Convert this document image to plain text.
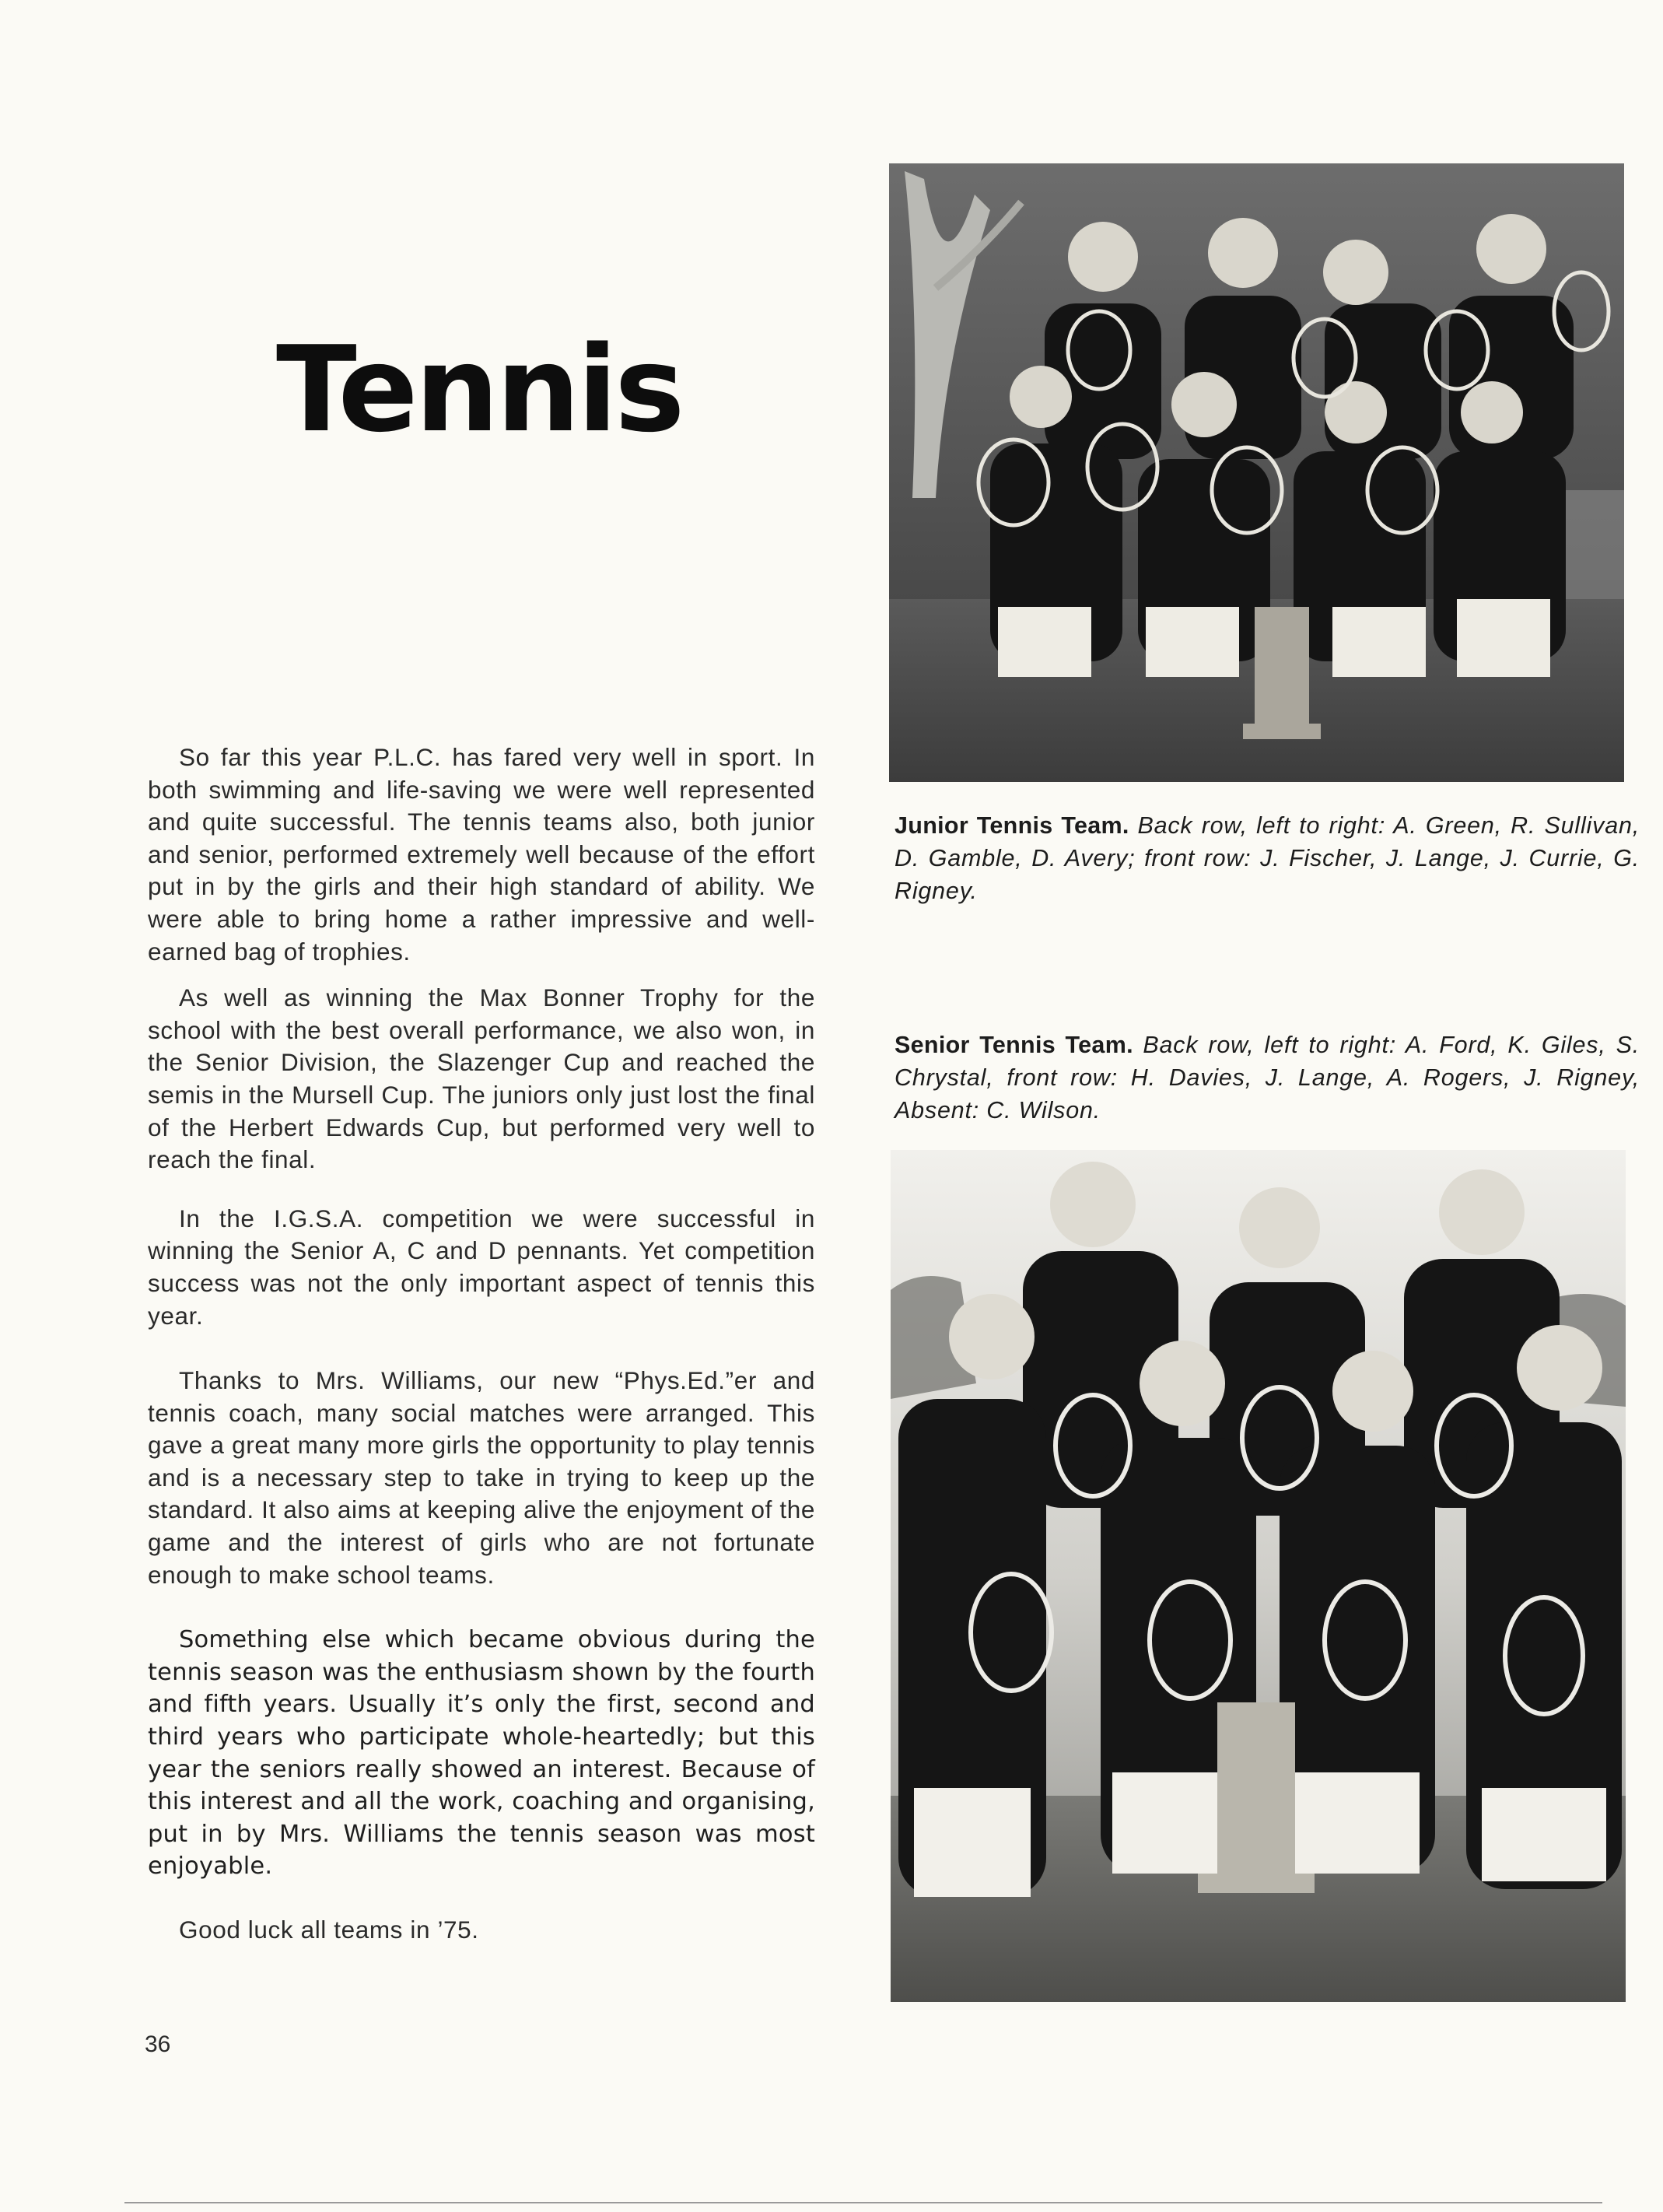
Tennis

So far this year P.L.C. has fared very well in sport. In both swimming and life-saving we were well represented and quite successful. The tennis teams also, both junior and senior, performed extremely well because of the effort put in by the girls and their high standard of ability. We were able to bring home a rather impressive and well-earned bag of trophies.

As well as winning the Max Bonner Trophy for the school with the best overall performance, we also won, in the Senior Division, the Slazenger Cup and reached the semis in the Mursell Cup. The juniors only just lost the final of the Herbert Edwards Cup, but performed very well to reach the final.

In the I.G.S.A. competition we were successful in winning the Senior A, C and D pennants. Yet competition success was not the only important aspect of tennis this year.

Thanks to Mrs. Williams, our new “Phys.Ed.”er and tennis coach, many social matches were arranged. This gave a great many more girls the opportunity to play tennis and is a necessary step to take in trying to keep up the standard. It also aims at keeping alive the enjoyment of the game and the interest of girls who are not fortunate enough to make school teams.

Something else which became obvious during the tennis season was the enthusiasm shown by the fourth and fifth years. Usually it’s only the first, second and third years who participate whole-heartedly; but this year the seniors really showed an interest. Because of this interest and all the work, coaching and organising, put in by Mrs. Williams the tennis season was most enjoyable.

Good luck all teams in ’75.

36
Junior Tennis Team. Back row, left to right: A. Green, R. Sullivan, D. Gamble, D. Avery; front row: J. Fischer, J. Lange, J. Currie, G. Rigney.
Senior Tennis Team. Back row, left to right: A. Ford, K. Giles, S. Chrystal, front row: H. Davies, J. Lange, A. Rogers, J. Rigney, Absent: C. Wilson.
